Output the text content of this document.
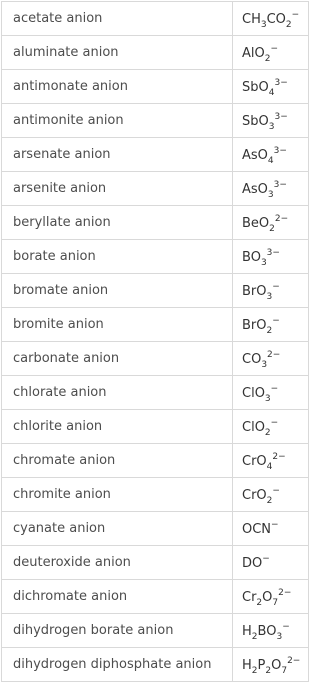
acetate anion	$CH_3CO_2^-$
aluminate anion	AlO$_2$−
antimonate anion	SbO$_4^{3-}$
antimonite anion	SbO$_3^{3-}$
arsenate anion	AsO$_4^{3-}$
arsenite anion	AsO$_3^{3-}$
beryllate anion	BeO$_2^{2-}$
borate anion	$BO_3^{3-}$
bromate anion	BrO$_3$−
bromite anion	BrO$_2$−
carbonate anion	$CO_3^{2-}$
chlorate anion	ClO$_3$−
chlorite anion	ClO$_2$−
chromate anion	CrO$_4^{2-}$
chromite anion	CrO$_2$−
cyanate anion	OCN−
deuteroxide anion	DO−
dichromate anion	$Cr_2O_7^{2-}$
dihydrogen borate anion	$H_2BO_3^-$
dihydrogen diphosphate anion	$H_2P_2O_7^{2-}$
